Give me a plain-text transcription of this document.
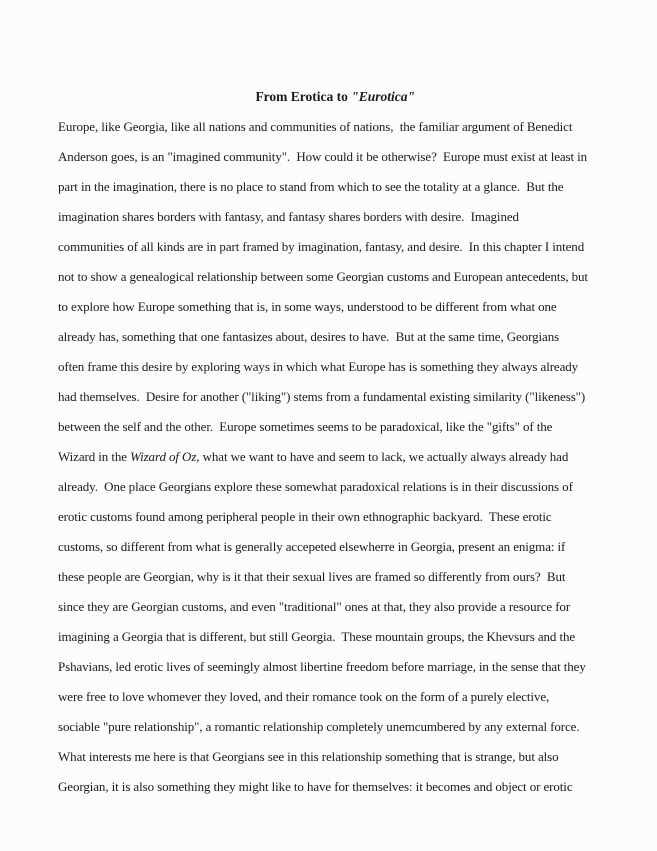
From Erotica to "Eurotica"

Europe, like Georgia, like all nations and communities of nations,  the familiar argument of Benedict
Anderson goes, is an "imagined community".  How could it be otherwise?  Europe must exist at least in
part in the imagination, there is no place to stand from which to see the totality at a glance.  But the
imagination shares borders with fantasy, and fantasy shares borders with desire.  Imagined
communities of all kinds are in part framed by imagination, fantasy, and desire.  In this chapter I intend
not to show a genealogical relationship between some Georgian customs and European antecedents, but
to explore how Europe something that is, in some ways, understood to be different from what one
already has, something that one fantasizes about, desires to have.  But at the same time, Georgians
often frame this desire by exploring ways in which what Europe has is something they always already
had themselves.  Desire for another ("liking") stems from a fundamental existing similarity ("likeness")
between the self and the other.  Europe sometimes seems to be paradoxical, like the "gifts" of the
Wizard in the Wizard of Oz, what we want to have and seem to lack, we actually always already had
already.  One place Georgians explore these somewhat paradoxical relations is in their discussions of
erotic customs found among peripheral people in their own ethnographic backyard.  These erotic
customs, so different from what is generally accepeted elsewherre in Georgia, present an enigma: if
these people are Georgian, why is it that their sexual lives are framed so differently from ours?  But
since they are Georgian customs, and even "traditional" ones at that, they also provide a resource for
imagining a Georgia that is different, but still Georgia.  These mountain groups, the Khevsurs and the
Pshavians, led erotic lives of seemingly almost libertine freedom before marriage, in the sense that they
were free to love whomever they loved, and their romance took on the form of a purely elective,
sociable "pure relationship", a romantic relationship completely unemcumbered by any external force.
What interests me here is that Georgians see in this relationship something that is strange, but also
Georgian, it is also something they might like to have for themselves: it becomes and object or erotic
